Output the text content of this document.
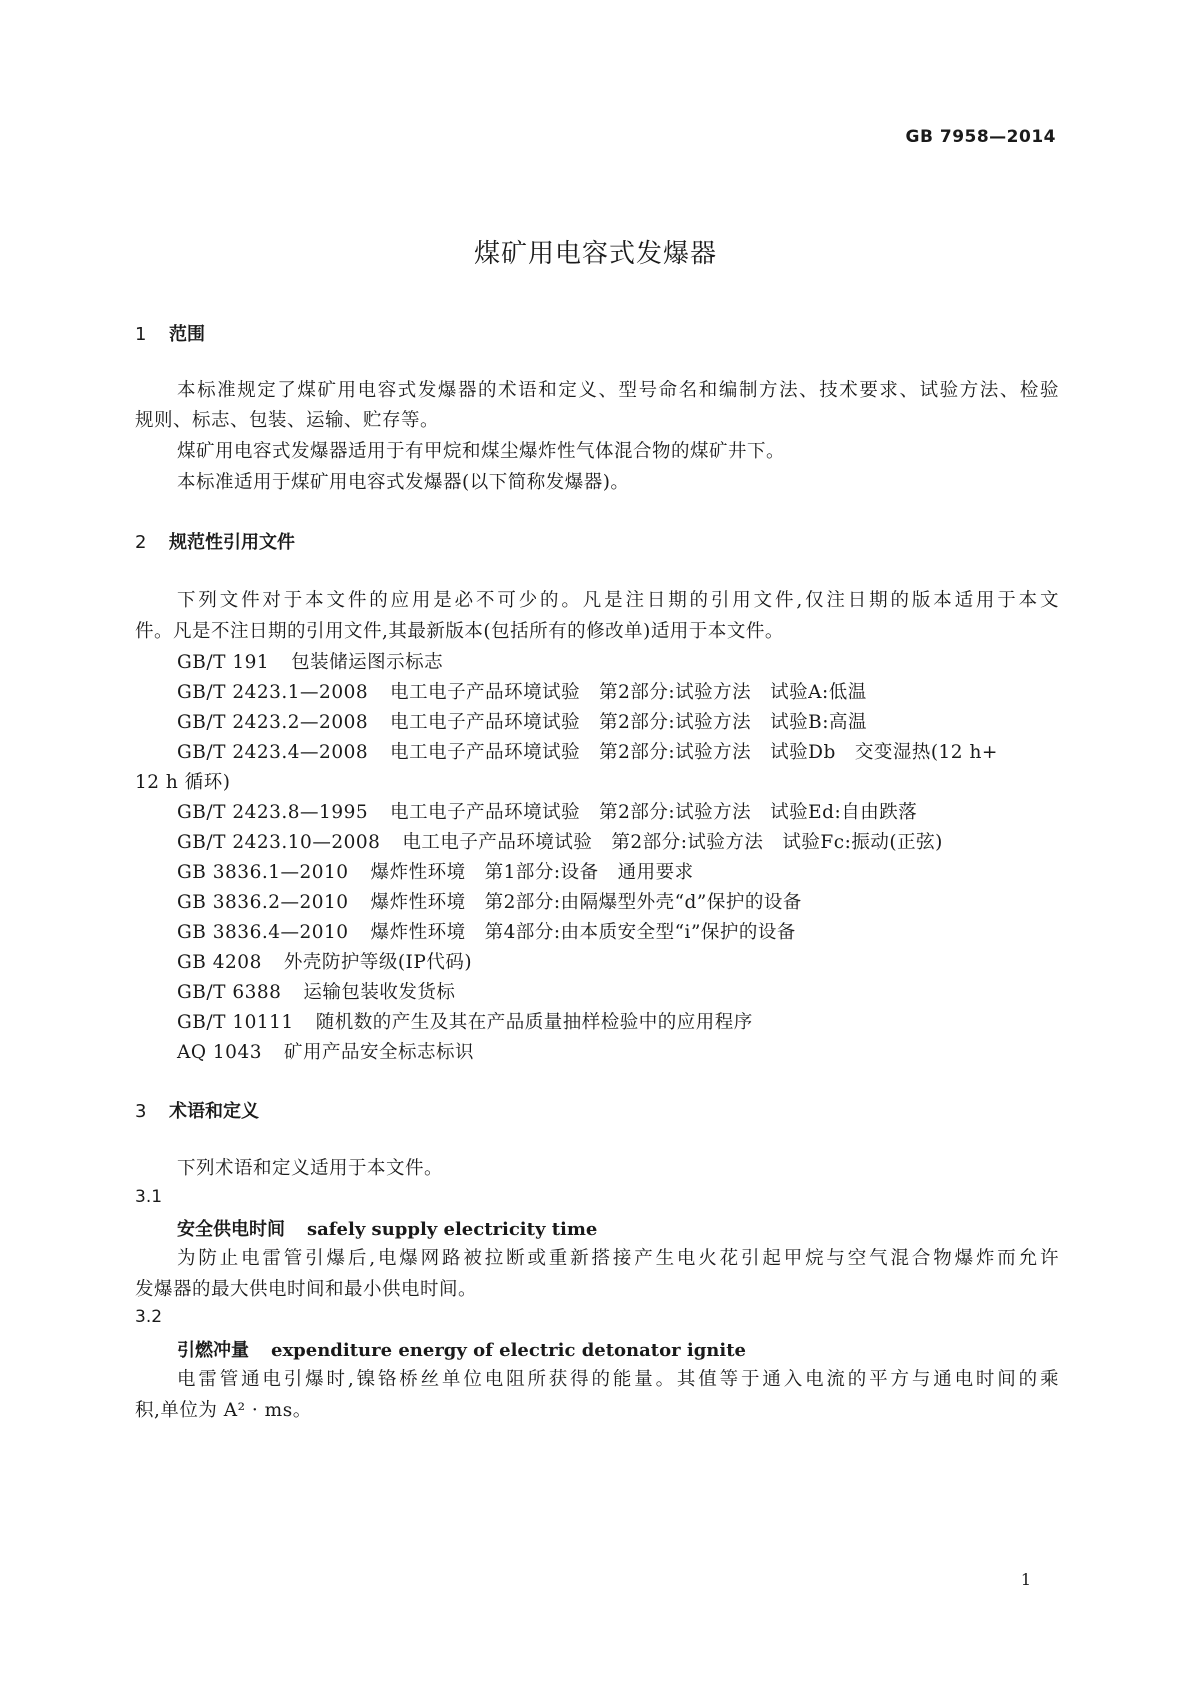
GB 7958—2014
煤矿用电容式发爆器
1 范围
本标准规定了煤矿用电容式发爆器的术语和定义、型号命名和编制方法、技术要求、试验方法、检验
规则、标志、包装、运输、贮存等。
煤矿用电容式发爆器适用于有甲烷和煤尘爆炸性气体混合物的煤矿井下。
本标准适用于煤矿用电容式发爆器(以下简称发爆器)。
2 规范性引用文件
下列文件对于本文件的应用是必不可少的。凡是注日期的引用文件,仅注日期的版本适用于本文
件。凡是不注日期的引用文件,其最新版本(包括所有的修改单)适用于本文件。
GB/T 191 包装储运图示标志
GB/T 2423.1—2008 电工电子产品环境试验　第2部分:试验方法　试验A:低温
GB/T 2423.2—2008 电工电子产品环境试验　第2部分:试验方法　试验B:高温
GB/T 2423.4—2008 电工电子产品环境试验　第2部分:试验方法　试验Db　交变湿热(12 h+
12 h 循环)
GB/T 2423.8—1995 电工电子产品环境试验　第2部分:试验方法　试验Ed:自由跌落
GB/T 2423.10—2008 电工电子产品环境试验　第2部分:试验方法　试验Fc:振动(正弦)
GB 3836.1—2010 爆炸性环境　第1部分:设备　通用要求
GB 3836.2—2010 爆炸性环境　第2部分:由隔爆型外壳“d”保护的设备
GB 3836.4—2010 爆炸性环境　第4部分:由本质安全型“i”保护的设备
GB 4208 外壳防护等级(IP代码)
GB/T 6388 运输包装收发货标
GB/T 10111 随机数的产生及其在产品质量抽样检验中的应用程序
AQ 1043 矿用产品安全标志标识
3 术语和定义
下列术语和定义适用于本文件。
3.1
安全供电时间 safely supply electricity time
为防止电雷管引爆后,电爆网路被拉断或重新搭接产生电火花引起甲烷与空气混合物爆炸而允许
发爆器的最大供电时间和最小供电时间。
3.2
引燃冲量 expenditure energy of electric detonator ignite
电雷管通电引爆时,镍铬桥丝单位电阻所获得的能量。其值等于通入电流的平方与通电时间的乘
积,单位为 A² · ms。
1
